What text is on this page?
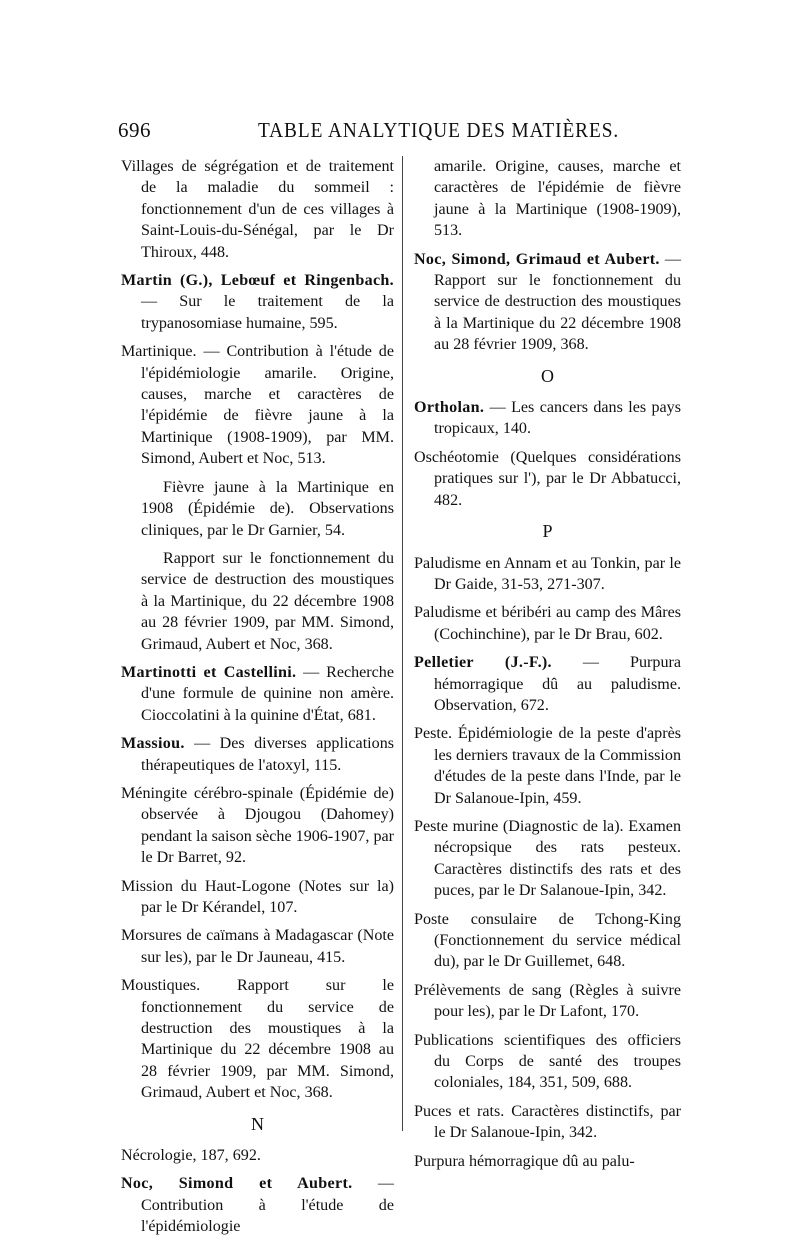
696	TABLE ANALYTIQUE DES MATIÈRES.

Villages de ségrégation et de traitement de la maladie du sommeil : fonctionnement d'un de ces villages à Saint-Louis-du-Sénégal, par le Dr Thiroux, 448.

Martin (G.), Lebœuf et Ringenbach. — Sur le traitement de la trypanosomiase humaine, 595.

Martinique. — Contribution à l'étude de l'épidémiologie amarile. Origine, causes, marche et caractères de l'épidémie de fièvre jaune à la Martinique (1908-1909), par MM. Simond, Aubert et Noc, 513.

Fièvre jaune à la Martinique en 1908 (Épidémie de). Observations cliniques, par le Dr Garnier, 54.

Rapport sur le fonctionnement du service de destruction des moustiques à la Martinique, du 22 décembre 1908 au 28 février 1909, par MM. Simond, Grimaud, Aubert et Noc, 368.

Martinotti et Castellini. — Recherche d'une formule de quinine non amère. Cioccolatini à la quinine d'État, 681.

Massiou. — Des diverses applications thérapeutiques de l'atoxyl, 115.

Méningite cérébro-spinale (Épidémie de) observée à Djougou (Dahomey) pendant la saison sèche 1906-1907, par le Dr Barret, 92.

Mission du Haut-Logone (Notes sur la) par le Dr Kérandel, 107.

Morsures de caïmans à Madagascar (Note sur les), par le Dr Jauneau, 415.

Moustiques. Rapport sur le fonctionnement du service de destruction des moustiques à la Martinique du 22 décembre 1908 au 28 février 1909, par MM. Simond, Grimaud, Aubert et Noc, 368.

N

Nécrologie, 187, 692.

Noc, Simond et Aubert. — Contribution à l'étude de l'épidémiologie

amarile. Origine, causes, marche et caractères de l'épidémie de fièvre jaune à la Martinique (1908-1909), 513.

Noc, Simond, Grimaud et Aubert. — Rapport sur le fonctionnement du service de destruction des moustiques à la Martinique du 22 décembre 1908 au 28 février 1909, 368.

O

Ortholan. — Les cancers dans les pays tropicaux, 140.

Oschéotomie (Quelques considérations pratiques sur l'), par le Dr Abbatucci, 482.

P

Paludisme en Annam et au Tonkin, par le Dr Gaide, 31-53, 271-307.

Paludisme et béribéri au camp des Mâres (Cochinchine), par le Dr Brau, 602.

Pelletier (J.-F.). — Purpura hémorragique dû au paludisme. Observation, 672.

Peste. Épidémiologie de la peste d'après les derniers travaux de la Commission d'études de la peste dans l'Inde, par le Dr Salanoue-Ipin, 459.

Peste murine (Diagnostic de la). Examen nécropsique des rats pesteux. Caractères distinctifs des rats et des puces, par le Dr Salanoue-Ipin, 342.

Poste consulaire de Tchong-King (Fonctionnement du service médical du), par le Dr Guillemet, 648.

Prélèvements de sang (Règles à suivre pour les), par le Dr Lafont, 170.

Publications scientifiques des officiers du Corps de santé des troupes coloniales, 184, 351, 509, 688.

Puces et rats. Caractères distinctifs, par le Dr Salanoue-Ipin, 342.

Purpura hémorragique dû au palu-
